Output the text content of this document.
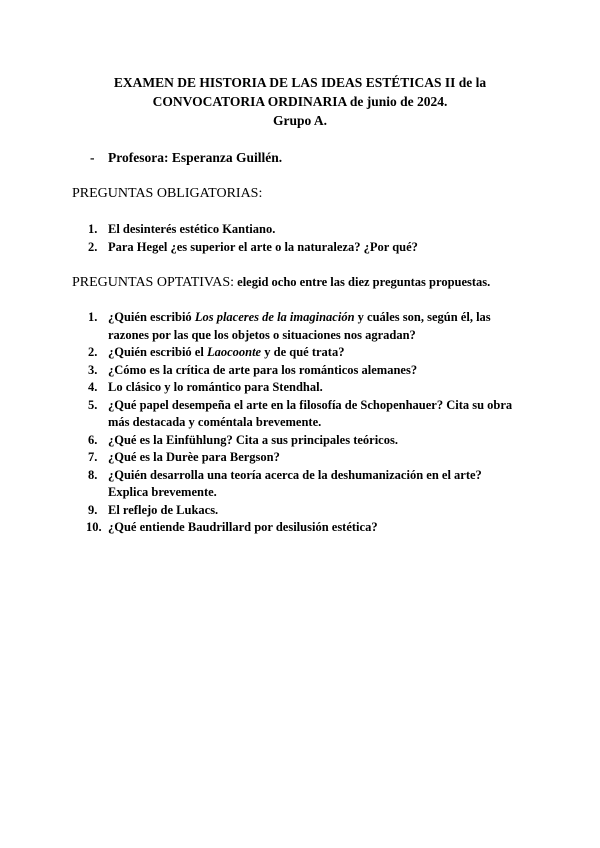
EXAMEN DE HISTORIA DE LAS IDEAS ESTÉTICAS II de la
CONVOCATORIA ORDINARIA de junio de 2024.
Grupo A.
- Profesora: Esperanza Guillén.
PREGUNTAS OBLIGATORIAS:
1. El desinterés estético Kantiano.
2. Para Hegel ¿es superior el arte o la naturaleza? ¿Por qué?
PREGUNTAS OPTATIVAS: elegid ocho entre las diez preguntas propuestas.
1. ¿Quién escribió Los placeres de la imaginación y cuáles son, según él, las razones por las que los objetos o situaciones nos agradan?
2. ¿Quién escribió el Laocoonte y de qué trata?
3. ¿Cómo es la crítica de arte para los románticos alemanes?
4. Lo clásico y lo romántico para Stendhal.
5. ¿Qué papel desempeña el arte en la filosofía de Schopenhauer? Cita su obra más destacada y coméntala brevemente.
6. ¿Qué es la Einfühlung? Cita a sus principales teóricos.
7. ¿Qué es la Durèe para Bergson?
8. ¿Quién desarrolla una teoría acerca de la deshumanización en el arte? Explica brevemente.
9. El reflejo de Lukacs.
10. ¿Qué entiende Baudrillard por desilusión estética?
